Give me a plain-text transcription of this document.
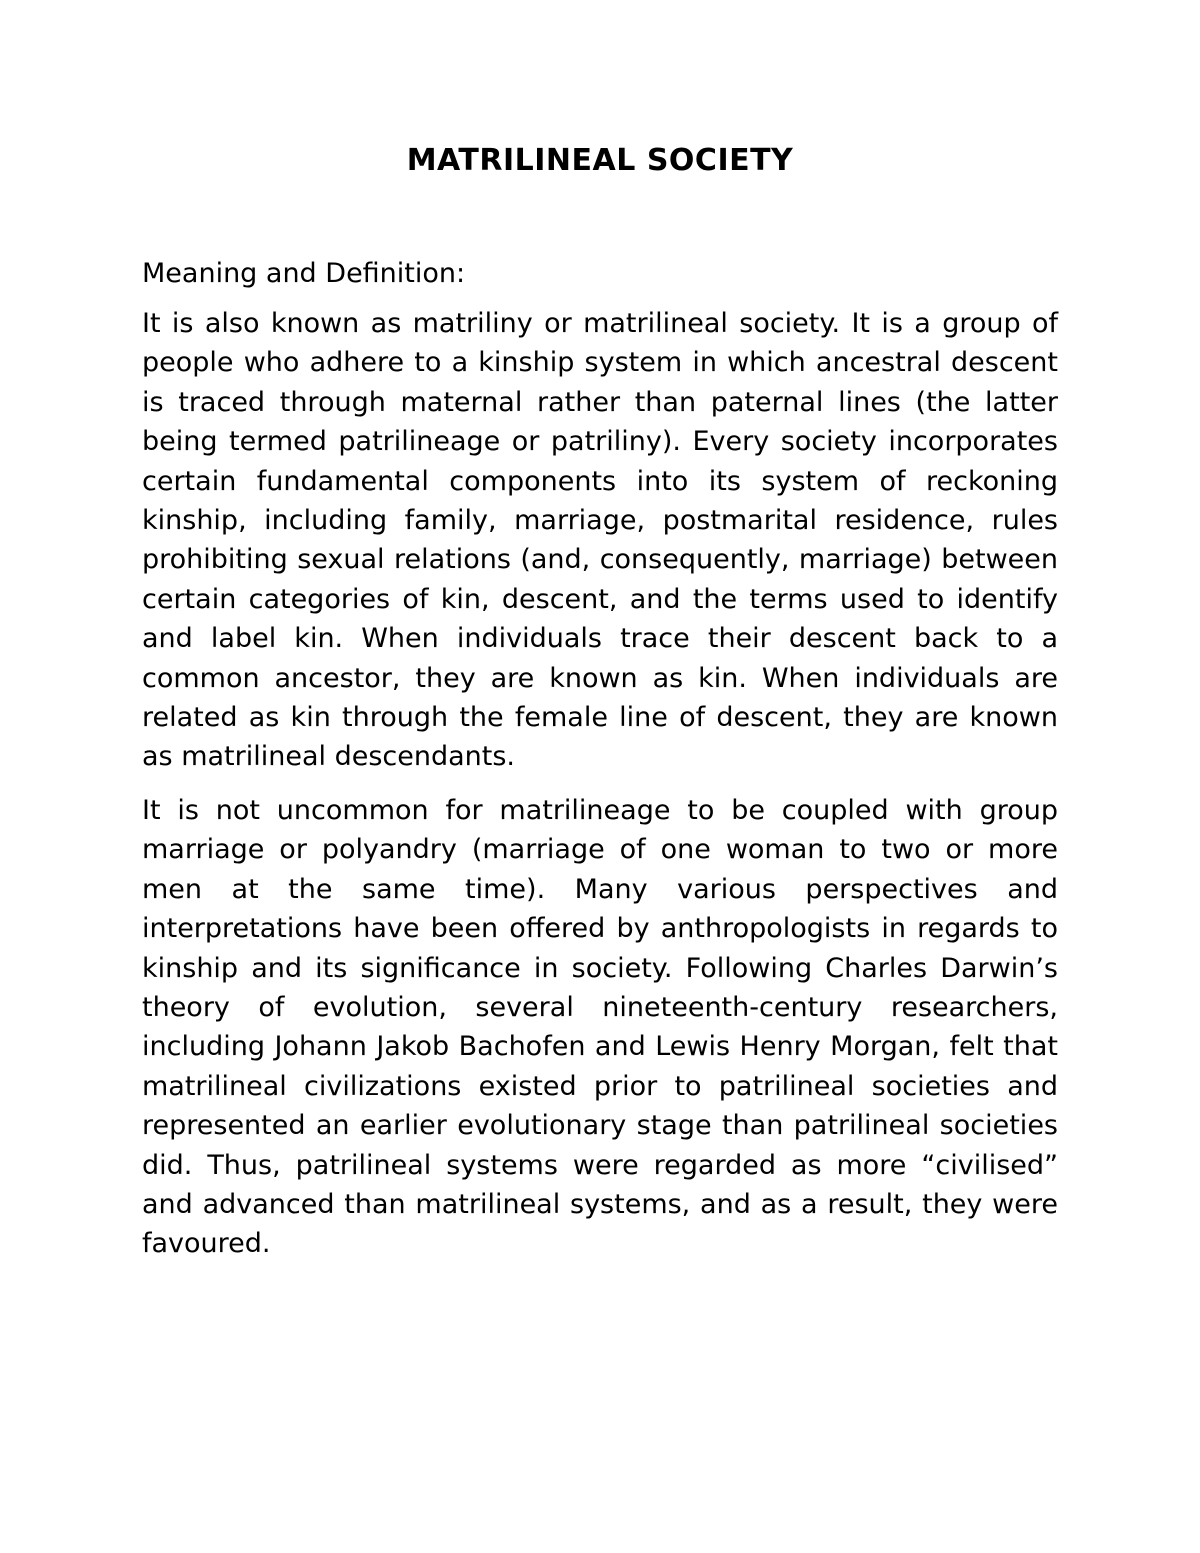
MATRILINEAL SOCIETY

Meaning and Definition:

It is also known as matriliny or matrilineal society. It is a group of people who adhere to a kinship system in which ancestral descent is traced through maternal rather than paternal lines (the latter being termed patrilineage or patriliny). Every society incorporates certain fundamental components into its system of reckoning kinship, including family, marriage, postmarital residence, rules prohibiting sexual relations (and, consequently, marriage) between certain categories of kin, descent, and the terms used to identify and label kin. When individuals trace their descent back to a common ancestor, they are known as kin. When individuals are related as kin through the female line of descent, they are known as matrilineal descendants.

It is not uncommon for matrilineage to be coupled with group marriage or polyandry (marriage of one woman to two or more men at the same time). Many various perspectives and interpretations have been offered by anthropologists in regards to kinship and its significance in society. Following Charles Darwin’s theory of evolution, several nineteenth-century researchers, including Johann Jakob Bachofen and Lewis Henry Morgan, felt that matrilineal civilizations existed prior to patrilineal societies and represented an earlier evolutionary stage than patrilineal societies did. Thus, patrilineal systems were regarded as more “civilised” and advanced than matrilineal systems, and as a result, they were favoured.
